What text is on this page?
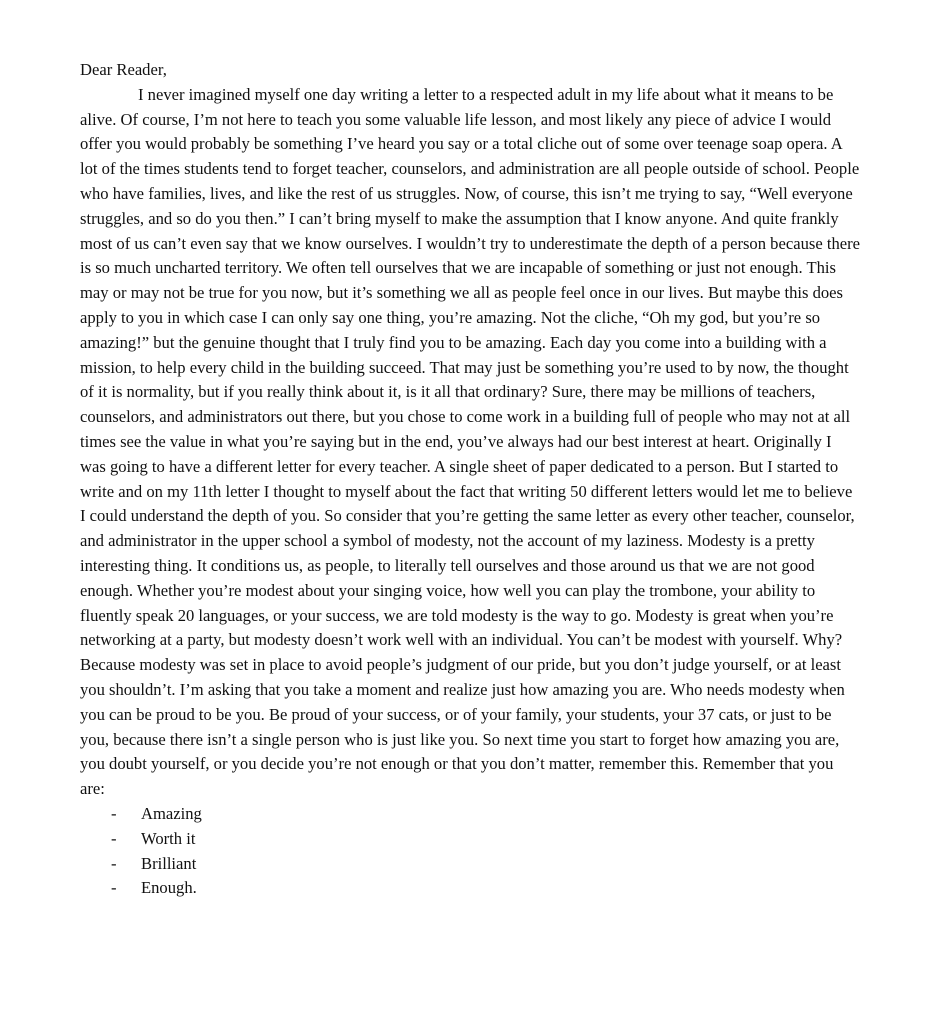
Dear Reader,

I never imagined myself one day writing a letter to a respected adult in my life about what it means to be alive. Of course, I’m not here to teach you some valuable life lesson, and most likely any piece of advice I would offer you would probably be something I’ve heard you say or a total cliche out of some over teenage soap opera. A lot of the times students tend to forget teacher, counselors, and administration are all people outside of school. People who have families, lives, and like the rest of us struggles. Now, of course, this isn’t me trying to say, “Well everyone struggles, and so do you then.” I can’t bring myself to make the assumption that I know anyone. And quite frankly most of us can’t even say that we know ourselves. I wouldn’t try to underestimate the depth of a person because there is so much uncharted territory. We often tell ourselves that we are incapable of something or just not enough. This may or may not be true for you now, but it’s something we all as people feel once in our lives. But maybe this does apply to you in which case I can only say one thing, you’re amazing. Not the cliche, “Oh my god, but you’re so amazing!” but the genuine thought that I truly find you to be amazing. Each day you come into a building with a mission, to help every child in the building succeed. That may just be something you’re used to by now, the thought of it is normality, but if you really think about it, is it all that ordinary? Sure, there may be millions of teachers, counselors, and administrators out there, but you chose to come work in a building full of people who may not at all times see the value in what you’re saying but in the end, you’ve always had our best interest at heart. Originally I was going to have a different letter for every teacher. A single sheet of paper dedicated to a person. But I started to write and on my 11th letter I thought to myself about the fact that writing 50 different letters would let me to believe I could understand the depth of you. So consider that you’re getting the same letter as every other teacher, counselor, and administrator in the upper school a symbol of modesty, not the account of my laziness. Modesty is a pretty interesting thing. It conditions us, as people, to literally tell ourselves and those around us that we are not good enough. Whether you’re modest about your singing voice, how well you can play the trombone, your ability to fluently speak 20 languages, or your success, we are told modesty is the way to go. Modesty is great when you’re networking at a party, but modesty doesn’t work well with an individual. You can’t be modest with yourself. Why? Because modesty was set in place to avoid people’s judgment of our pride, but you don’t judge yourself, or at least you shouldn’t. I’m asking that you take a moment and realize just how amazing you are. Who needs modesty when you can be proud to be you. Be proud of your success, or of your family, your students, your 37 cats, or just to be you, because there isn’t a single person who is just like you. So next time you start to forget how amazing you are, you doubt yourself, or you decide you’re not enough or that you don’t matter, remember this. Remember that you are:

- Amazing
- Worth it
- Brilliant
- Enough.
